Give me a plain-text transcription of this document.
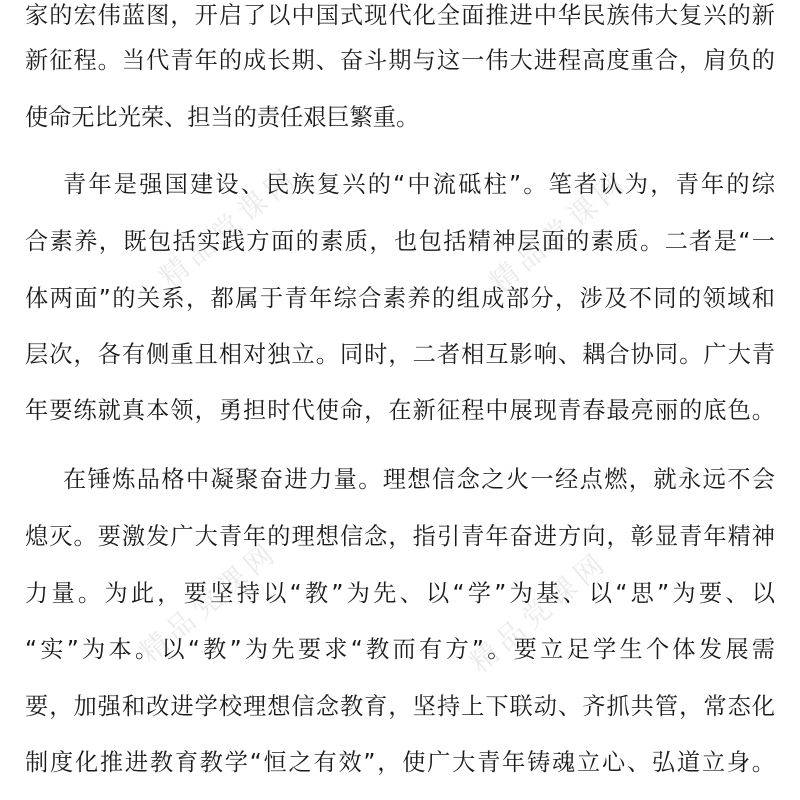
精品党课网	精品党课网
精品党课网	精品党课网
家的宏伟蓝图，开启了以中国式现代化全面推进中华民族伟大复兴的新
新征程。当代青年的成长期、奋斗期与这一伟大进程高度重合，肩负的
使命无比光荣、担当的责任艰巨繁重。
青年是强国建设、民族复兴的“中流砥柱”。笔者认为，青年的综
合素养，既包括实践方面的素质，也包括精神层面的素质。二者是“一
体两面”的关系，都属于青年综合素养的组成部分，涉及不同的领域和
层次，各有侧重且相对独立。同时，二者相互影响、耦合协同。广大青
年要练就真本领，勇担时代使命，在新征程中展现青春最亮丽的底色。
在锤炼品格中凝聚奋进力量。理想信念之火一经点燃，就永远不会
熄灭。要激发广大青年的理想信念，指引青年奋进方向，彰显青年精神
力量。为此，要坚持以“教”为先、以“学”为基、以“思”为要、以
“实”为本。以“教”为先要求“教而有方”。要立足学生个体发展需
要，加强和改进学校理想信念教育，坚持上下联动、齐抓共管，常态化
制度化推进教育教学“恒之有效”，使广大青年铸魂立心、弘道立身。
